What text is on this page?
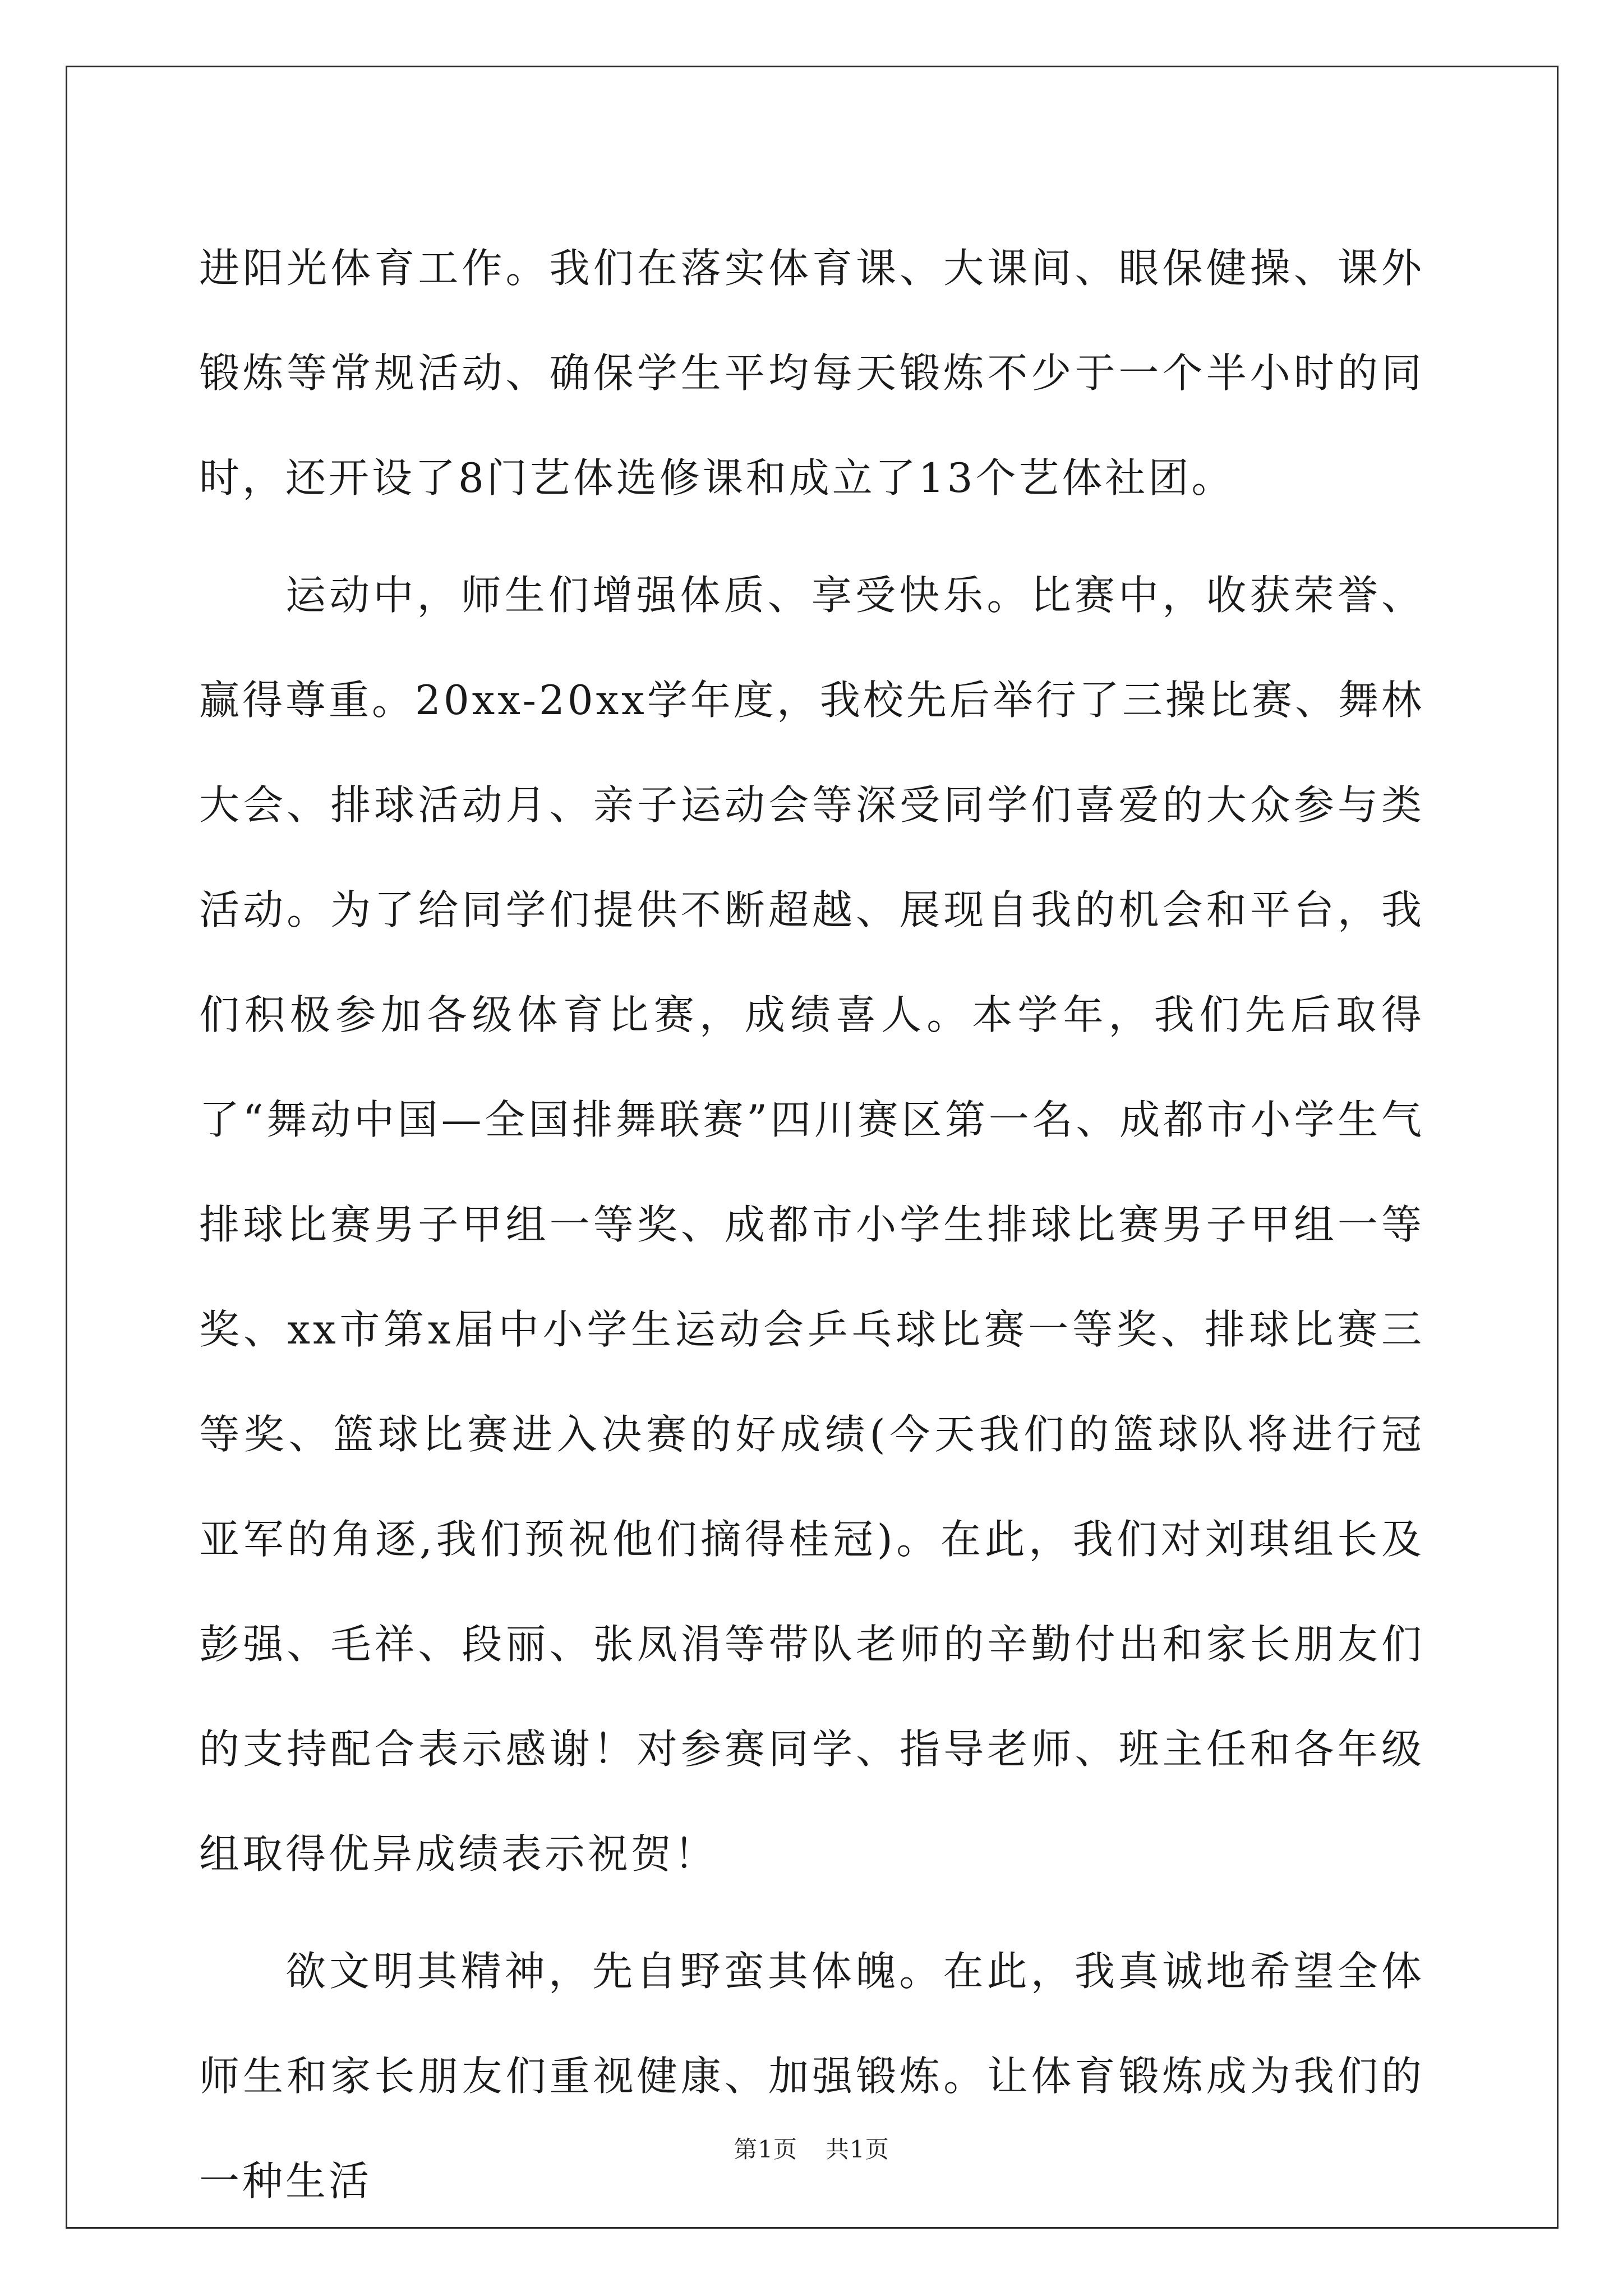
进阳光体育工作。我们在落实体育课、大课间、眼保健操、课外锻炼等常规活动、确保学生平均每天锻炼不少于一个半小时的同时，还开设了8门艺体选修课和成立了13个艺体社团。

运动中，师生们增强体质、享受快乐。比赛中，收获荣誉、赢得尊重。20xx-20xx学年度，我校先后举行了三操比赛、舞林大会、排球活动月、亲子运动会等深受同学们喜爱的大众参与类活动。为了给同学们提供不断超越、展现自我的机会和平台，我们积极参加各级体育比赛，成绩喜人。本学年，我们先后取得了“舞动中国—全国排舞联赛”四川赛区第一名、成都市小学生气排球比赛男子甲组一等奖、成都市小学生排球比赛男子甲组一等奖、xx市第x届中小学生运动会乒乓球比赛一等奖、排球比赛三等奖、篮球比赛进入决赛的好成绩(今天我们的篮球队将进行冠亚军的角逐,我们预祝他们摘得桂冠)。在此，我们对刘琪组长及彭强、毛祥、段丽、张凤涓等带队老师的辛勤付出和家长朋友们的支持配合表示感谢！对参赛同学、指导老师、班主任和各年级组取得优异成绩表示祝贺！

欲文明其精神，先自野蛮其体魄。在此，我真诚地希望全体师生和家长朋友们重视健康、加强锻炼。让体育锻炼成为我们的一种生活

第1页 共1页
